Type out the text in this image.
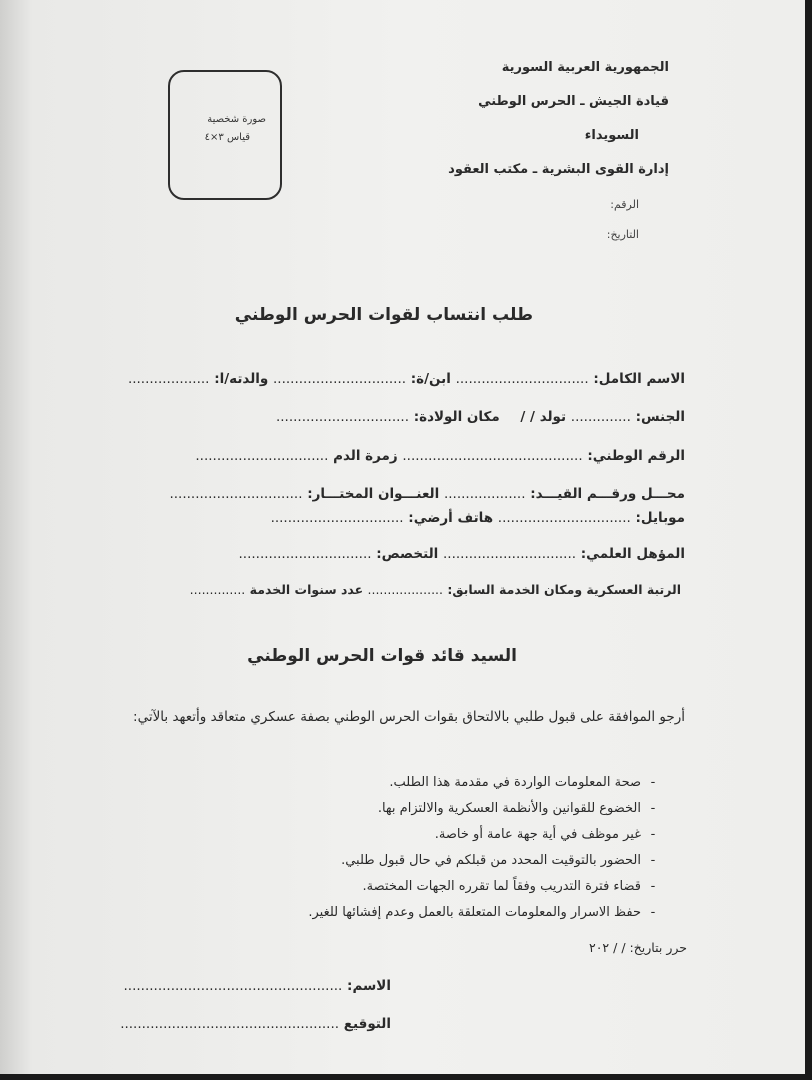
صورة شخصية
قياس ٣×٤
الجمهورية العربية السورية
قيادة الجيش ـ الحرس الوطني
السويداء
إدارة القوى البشرية ـ مكتب العقود
الرقم:
التاريخ:
طلب انتساب لقوات الحرس الوطني
الاسم الكامل: ............................... ابن/ة: ............................... والدته/ا: ...................
الجنس: .............. تولد / / مكان الولادة: ...............................
الرقم الوطني: .......................................... زمرة الدم ...............................
محـــل ورقـــم القيـــد: ................... العنـــوان المختـــار: ...............................
موبايل: ............................... هاتف أرضي: ...............................
المؤهل العلمي: ............................... التخصص: ...............................
الرتبة العسكرية ومكان الخدمة السابق: ................... عدد سنوات الخدمة ..............
السيد قائد قوات الحرس الوطني
أرجو الموافقة على قبول طلبي بالالتحاق بقوات الحرس الوطني بصفة عسكري متعاقد وأتعهد بالآتي:
-صحة المعلومات الواردة في مقدمة هذا الطلب.
-الخضوع للقوانين والأنظمة العسكرية والالتزام بها.
-غير موظف في أية جهة عامة أو خاصة.
-الحضور بالتوقيت المحدد من قبلكم في حال قبول طلبي.
-قضاء فترة التدريب وفقاً لما تقرره الجهات المختصة.
-حفظ الاسرار والمعلومات المتعلقة بالعمل وعدم إفشائها للغير.
حرر بتاريخ: / / ٢٠٢
الاسم: ...................................................
التوقيع ...................................................
